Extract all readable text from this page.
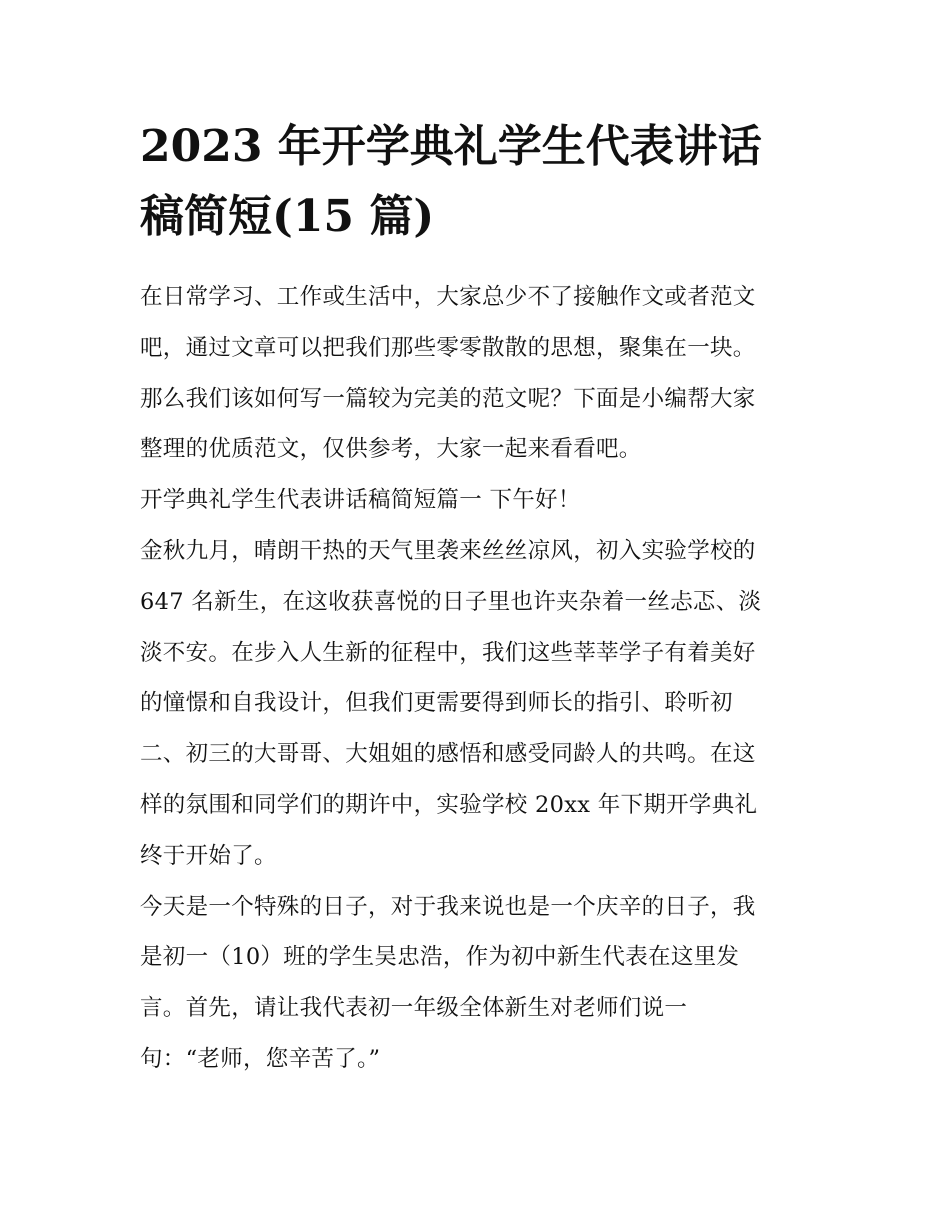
2023 年开学典礼学生代表讲话
稿简短(15 篇)

在日常学习、工作或生活中，大家总少不了接触作文或者范文
吧，通过文章可以把我们那些零零散散的思想，聚集在一块。
那么我们该如何写一篇较为完美的范文呢？下面是小编帮大家
整理的优质范文，仅供参考，大家一起来看看吧。

开学典礼学生代表讲话稿简短篇一 下午好！

金秋九月，晴朗干热的天气里袭来丝丝凉风，初入实验学校的
647 名新生，在这收获喜悦的日子里也许夹杂着一丝忐忑、淡
淡不安。在步入人生新的征程中，我们这些莘莘学子有着美好
的憧憬和自我设计，但我们更需要得到师长的指引、聆听初
二、初三的大哥哥、大姐姐的感悟和感受同龄人的共鸣。在这
样的氛围和同学们的期许中，实验学校 20xx 年下期开学典礼
终于开始了。

今天是一个特殊的日子，对于我来说也是一个庆辛的日子，我
是初一（10）班的学生吴忠浩，作为初中新生代表在这里发
言。首先，请让我代表初一年级全体新生对老师们说一
句：“老师，您辛苦了。”
